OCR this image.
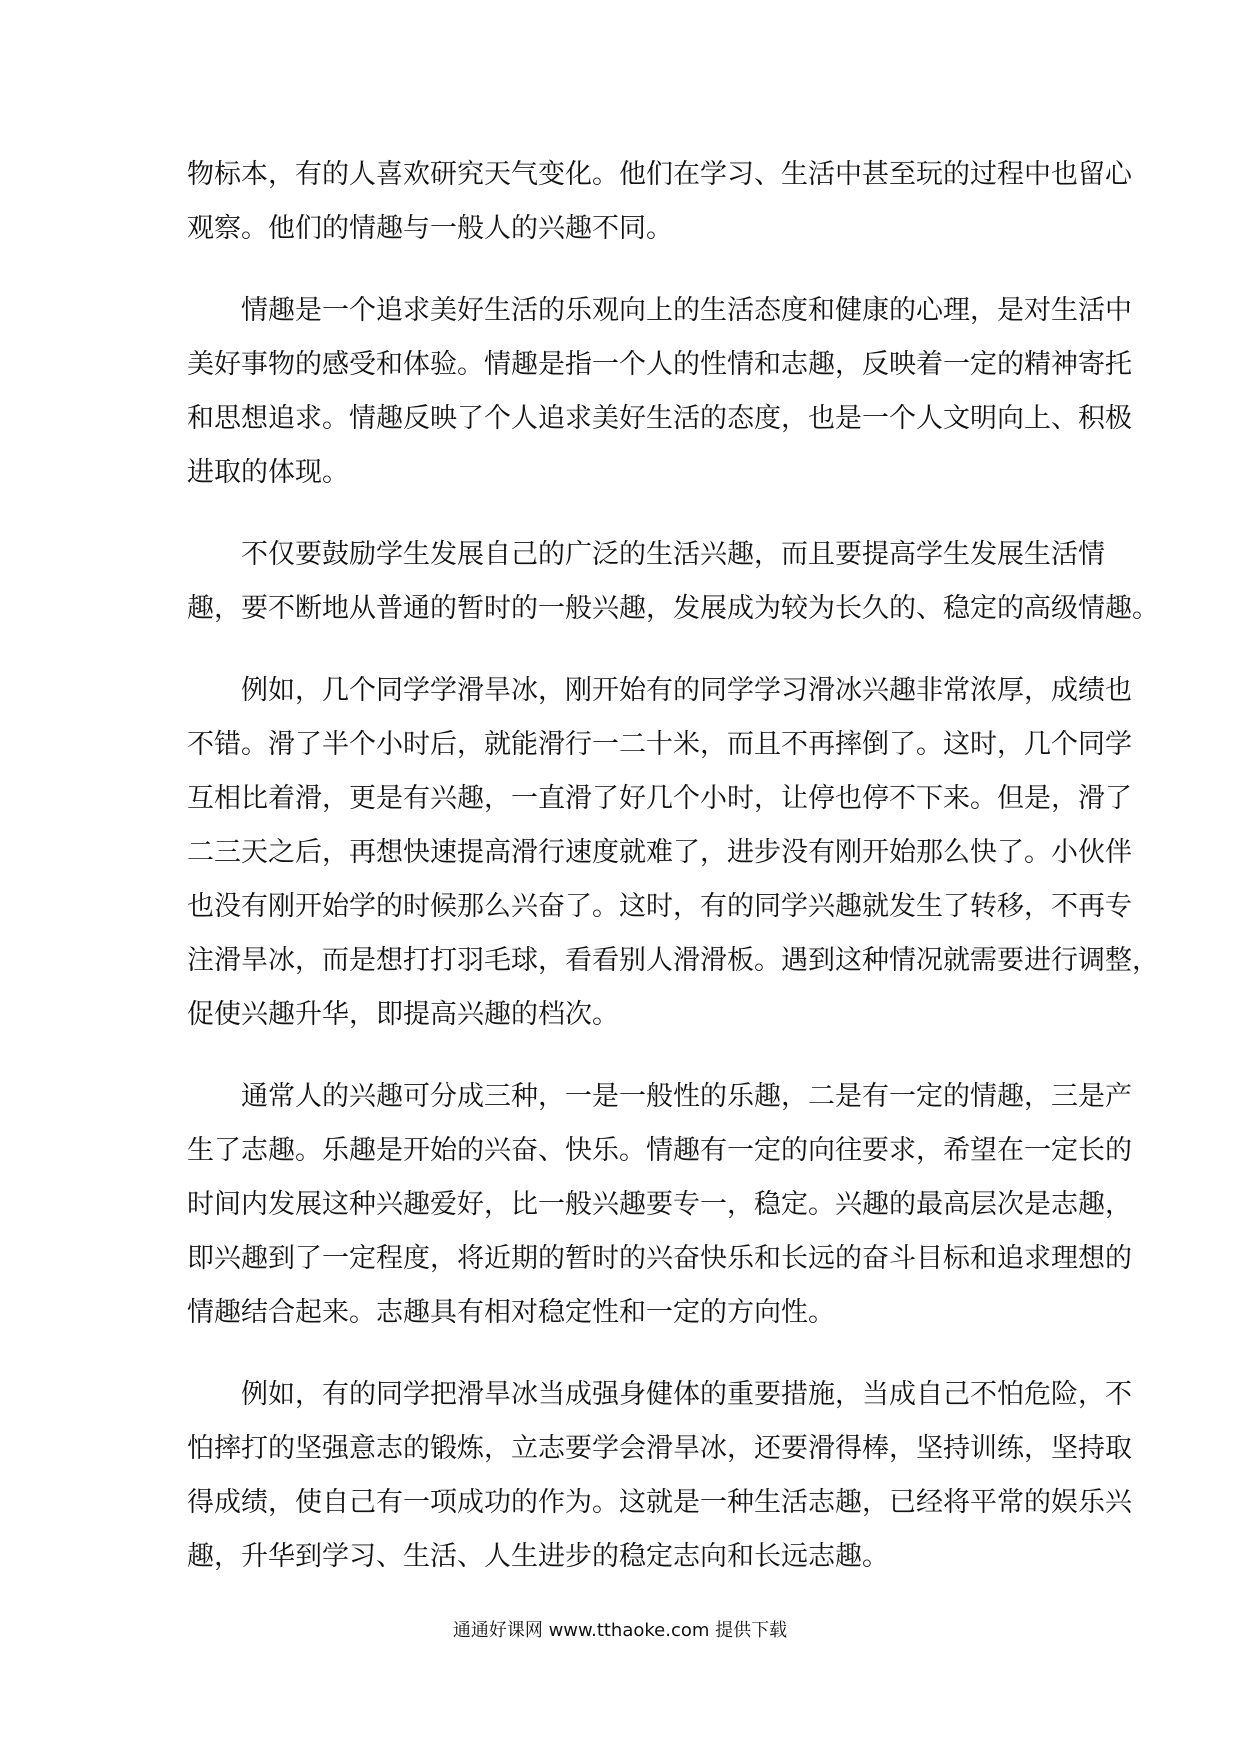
物标本，有的人喜欢研究天气变化。他们在学习、生活中甚至玩的过程中也留心
观察。他们的情趣与一般人的兴趣不同。
　　情趣是一个追求美好生活的乐观向上的生活态度和健康的心理，是对生活中
美好事物的感受和体验。情趣是指一个人的性情和志趣，反映着一定的精神寄托
和思想追求。情趣反映了个人追求美好生活的态度，也是一个人文明向上、积极
进取的体现。
　　不仅要鼓励学生发展自己的广泛的生活兴趣，而且要提高学生发展生活情
趣，要不断地从普通的暂时的一般兴趣，发展成为较为长久的、稳定的高级情趣。
　　例如，几个同学学滑旱冰，刚开始有的同学学习滑冰兴趣非常浓厚，成绩也
不错。滑了半个小时后，就能滑行一二十米，而且不再摔倒了。这时，几个同学
互相比着滑，更是有兴趣，一直滑了好几个小时，让停也停不下来。但是，滑了
二三天之后，再想快速提高滑行速度就难了，进步没有刚开始那么快了。小伙伴
也没有刚开始学的时候那么兴奋了。这时，有的同学兴趣就发生了转移，不再专
注滑旱冰，而是想打打羽毛球，看看别人滑滑板。遇到这种情况就需要进行调整，
促使兴趣升华，即提高兴趣的档次。
　　通常人的兴趣可分成三种，一是一般性的乐趣，二是有一定的情趣，三是产
生了志趣。乐趣是开始的兴奋、快乐。情趣有一定的向往要求，希望在一定长的
时间内发展这种兴趣爱好，比一般兴趣要专一，稳定。兴趣的最高层次是志趣，
即兴趣到了一定程度，将近期的暂时的兴奋快乐和长远的奋斗目标和追求理想的
情趣结合起来。志趣具有相对稳定性和一定的方向性。
　　例如，有的同学把滑旱冰当成强身健体的重要措施，当成自己不怕危险，不
怕摔打的坚强意志的锻炼，立志要学会滑旱冰，还要滑得棒，坚持训练，坚持取
得成绩，使自己有一项成功的作为。这就是一种生活志趣，已经将平常的娱乐兴
趣，升华到学习、生活、人生进步的稳定志向和长远志趣。
通通好课网 www.tthaoke.com 提供下载
